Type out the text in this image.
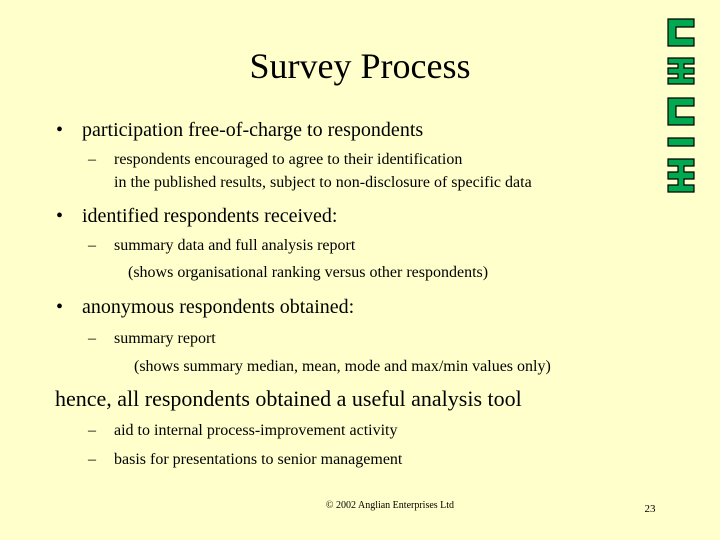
Survey Process
• participation free-of-charge to respondents
– respondents encouraged to agree to their identification
in the published results, subject to non-disclosure of specific data
• identified respondents received:
– summary data and full analysis report
(shows organisational ranking versus other respondents)
• anonymous respondents obtained:
– summary report
(shows summary median, mean, mode and max/min values only)
hence, all respondents obtained a useful analysis tool
– aid to internal process-improvement activity
– basis for presentations to senior management
© 2002 Anglian Enterprises Ltd	23
